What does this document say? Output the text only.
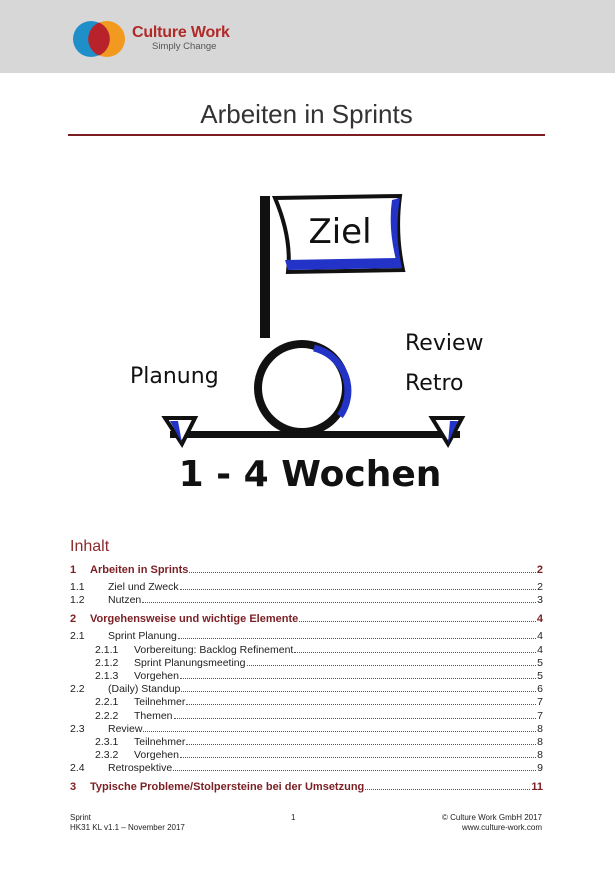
Culture Work
Simply Change
Arbeiten in Sprints
Ziel
Planung
Review
Retro
1 - 4 Wochen
Inhalt
1	Arbeiten in Sprints	2
1.1	Ziel und Zweck	2
1.2	Nutzen	3
2	Vorgehensweise und wichtige Elemente	4
2.1	Sprint Planung	4
2.1.1	Vorbereitung: Backlog Refinement	4
2.1.2	Sprint Planungsmeeting	5
2.1.3	Vorgehen	5
2.2	(Daily) Standup	6
2.2.1	Teilnehmer	7
2.2.2	Themen	7
2.3	Review	8
2.3.1	Teilnehmer	8
2.3.2	Vorgehen	8
2.4	Retrospektive	9
3	Typische Probleme/Stolpersteine bei der Umsetzung	11
Sprint
HK31 KL v1.1 – November 2017
1	© Culture Work GmbH 2017
www.culture-work.com
